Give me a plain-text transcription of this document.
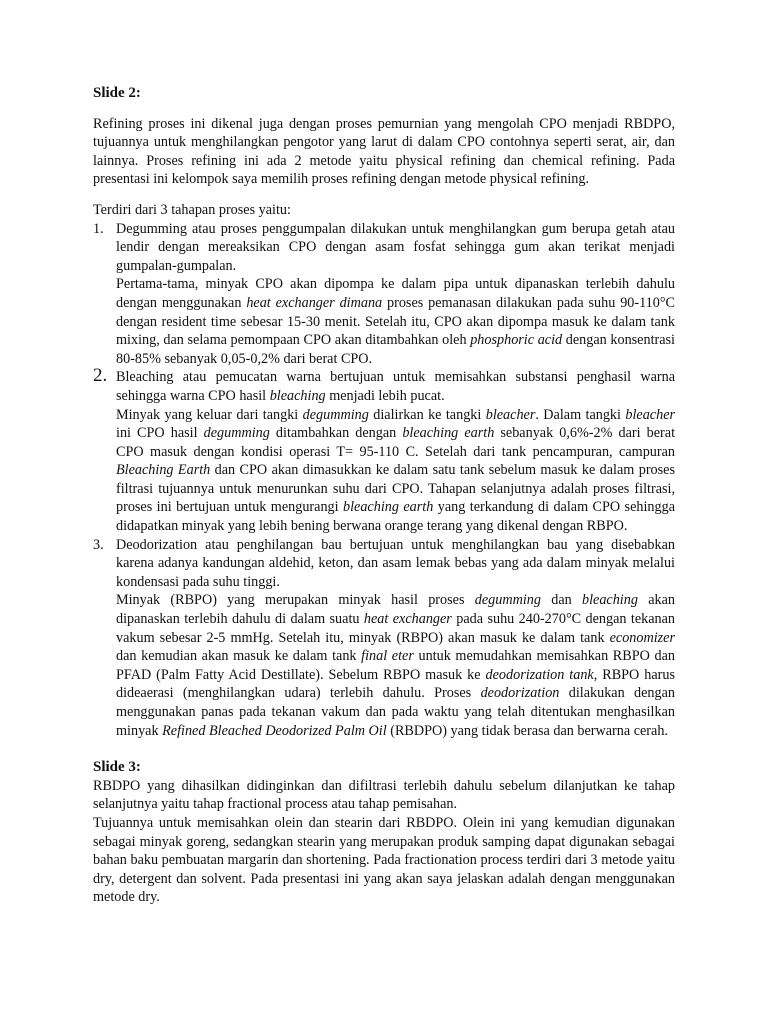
Slide 2:

Refining proses ini dikenal juga dengan proses pemurnian yang mengolah CPO menjadi RBDPO, tujuannya untuk menghilangkan pengotor yang larut di dalam CPO contohnya seperti serat, air, dan lainnya. Proses refining ini ada 2 metode yaitu physical refining dan chemical refining. Pada presentasi ini kelompok saya memilih proses refining dengan metode physical refining.

Terdiri dari 3 tahapan proses yaitu:

1. Degumming atau proses penggumpalan dilakukan untuk menghilangkan gum berupa getah atau lendir dengan mereaksikan CPO dengan asam fosfat sehingga gum akan terikat menjadi gumpalan-gumpalan.

Pertama-tama, minyak CPO akan dipompa ke dalam pipa untuk dipanaskan terlebih dahulu dengan menggunakan heat exchanger dimana proses pemanasan dilakukan pada suhu 90-110°C dengan resident time sebesar 15-30 menit. Setelah itu, CPO akan dipompa masuk ke dalam tank mixing, dan selama pemompaan CPO akan ditambahkan oleh phosphoric acid dengan konsentrasi 80-85% sebanyak 0,05-0,2% dari berat CPO.

2. Bleaching atau pemucatan warna bertujuan untuk memisahkan substansi penghasil warna sehingga warna CPO hasil bleaching menjadi lebih pucat.

Minyak yang keluar dari tangki degumming dialirkan ke tangki bleacher. Dalam tangki bleacher ini CPO hasil degumming ditambahkan dengan bleaching earth sebanyak 0,6%-2% dari berat CPO masuk dengan kondisi operasi T= 95-110 C. Setelah dari tank pencampuran, campuran Bleaching Earth dan CPO akan dimasukkan ke dalam satu tank sebelum masuk ke dalam proses filtrasi tujuannya untuk menurunkan suhu dari CPO. Tahapan selanjutnya adalah proses filtrasi, proses ini bertujuan untuk mengurangi bleaching earth yang terkandung di dalam CPO sehingga didapatkan minyak yang lebih bening berwana orange terang yang dikenal dengan RBPO.

3. Deodorization atau penghilangan bau bertujuan untuk menghilangkan bau yang disebabkan karena adanya kandungan aldehid, keton, dan asam lemak bebas yang ada dalam minyak melalui kondensasi pada suhu tinggi.

Minyak (RBPO) yang merupakan minyak hasil proses degumming dan bleaching akan dipanaskan terlebih dahulu di dalam suatu heat exchanger pada suhu 240-270°C dengan tekanan vakum sebesar 2-5 mmHg. Setelah itu, minyak (RBPO) akan masuk ke dalam tank economizer dan kemudian akan masuk ke dalam tank final eter untuk memudahkan memisahkan RBPO dan PFAD (Palm Fatty Acid Destillate). Sebelum RBPO masuk ke deodorization tank, RBPO harus dideaerasi (menghilangkan udara) terlebih dahulu. Proses deodorization dilakukan dengan menggunakan panas pada tekanan vakum dan pada waktu yang telah ditentukan menghasilkan minyak Refined Bleached Deodorized Palm Oil (RBDPO) yang tidak berasa dan berwarna cerah.

Slide 3:

RBDPO yang dihasilkan didinginkan dan difiltrasi terlebih dahulu sebelum dilanjutkan ke tahap selanjutnya yaitu tahap fractional process atau tahap pemisahan.

Tujuannya untuk memisahkan olein dan stearin dari RBDPO. Olein ini yang kemudian digunakan sebagai minyak goreng, sedangkan stearin yang merupakan produk samping dapat digunakan sebagai bahan baku pembuatan margarin dan shortening. Pada fractionation process terdiri dari 3 metode yaitu dry, detergent dan solvent. Pada presentasi ini yang akan saya jelaskan adalah dengan menggunakan metode dry.
